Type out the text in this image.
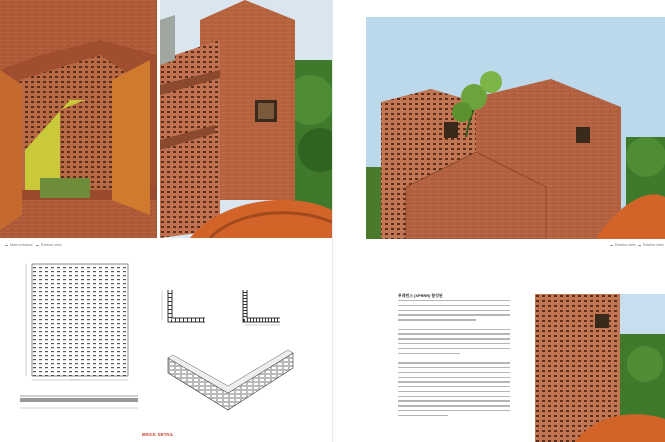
Main entrance	Exterior view
··········
BRICK DETAIL
Exterior view	Exterior view
투레빈스 (XPRRR) 합성된
